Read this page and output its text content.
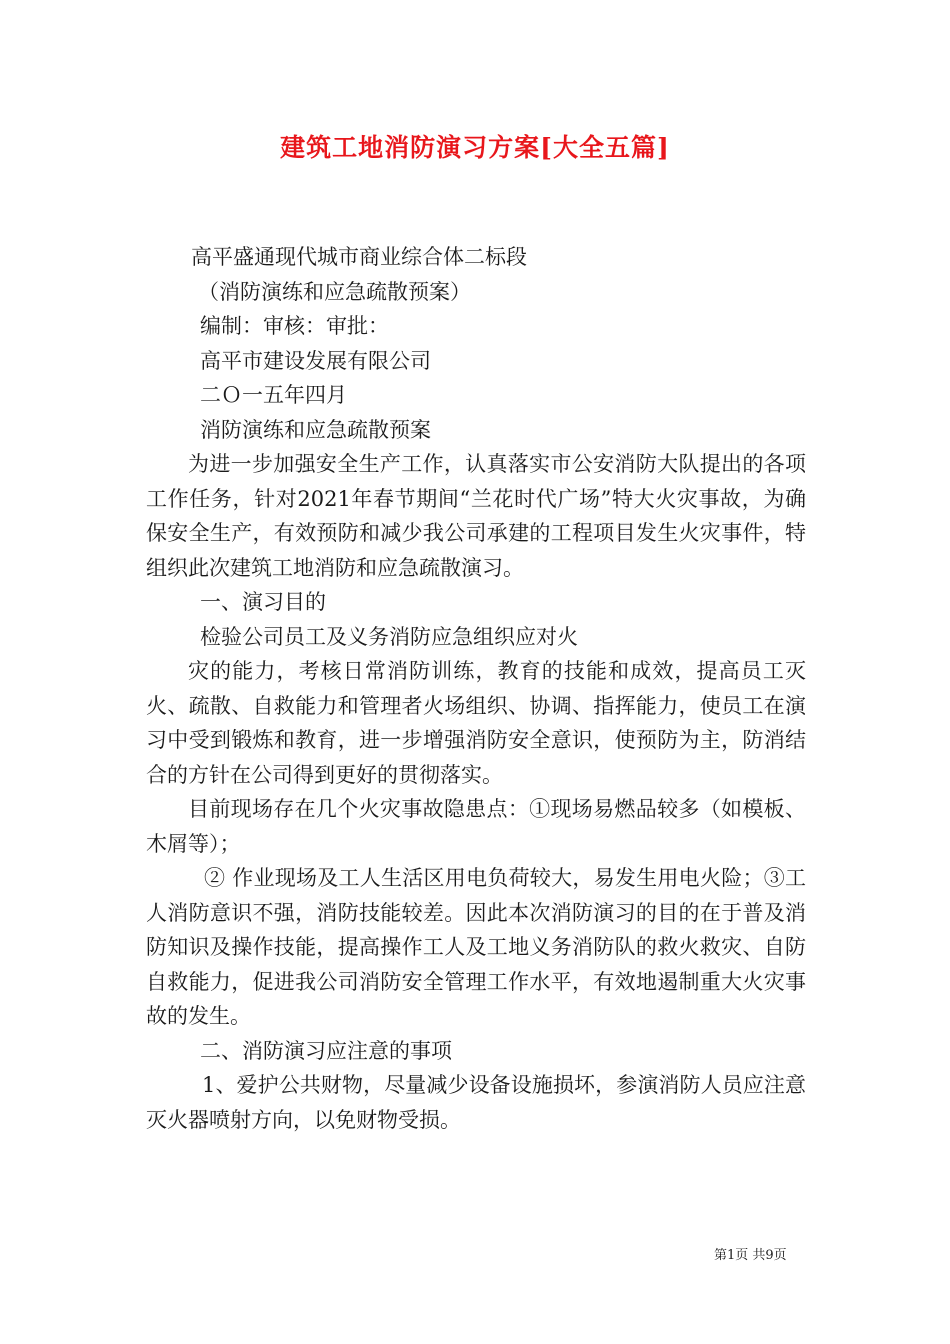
建筑工地消防演习方案[大全五篇]
高平盛通现代城市商业综合体二标段
（消防演练和应急疏散预案）
编制：审核：审批：
高平市建设发展有限公司
二Ｏ一五年四月
消防演练和应急疏散预案
为进一步加强安全生产工作，认真落实市公安消防大队提出的各项工作任务，针对2021年春节期间“兰花时代广场”特大火灾事故，为确保安全生产，有效预防和减少我公司承建的工程项目发生火灾事件，特组织此次建筑工地消防和应急疏散演习。
一、演习目的
检验公司员工及义务消防应急组织应对火
灾的能力，考核日常消防训练，教育的技能和成效，提高员工灭火、疏散、自救能力和管理者火场组织、协调、指挥能力，使员工在演习中受到锻炼和教育，进一步增强消防安全意识，使预防为主，防消结合的方针在公司得到更好的贯彻落实。
目前现场存在几个火灾事故隐患点：①现场易燃品较多（如模板、木屑等）；
② 作业现场及工人生活区用电负荷较大，易发生用电火险；③工人消防意识不强，消防技能较差。因此本次消防演习的目的在于普及消防知识及操作技能，提高操作工人及工地义务消防队的救火救灾、自防自救能力，促进我公司消防安全管理工作水平，有效地遏制重大火灾事故的发生。
二、消防演习应注意的事项
1、爱护公共财物，尽量减少设备设施损坏，参演消防人员应注意灭火器喷射方向，以免财物受损。
第1页 共9页
